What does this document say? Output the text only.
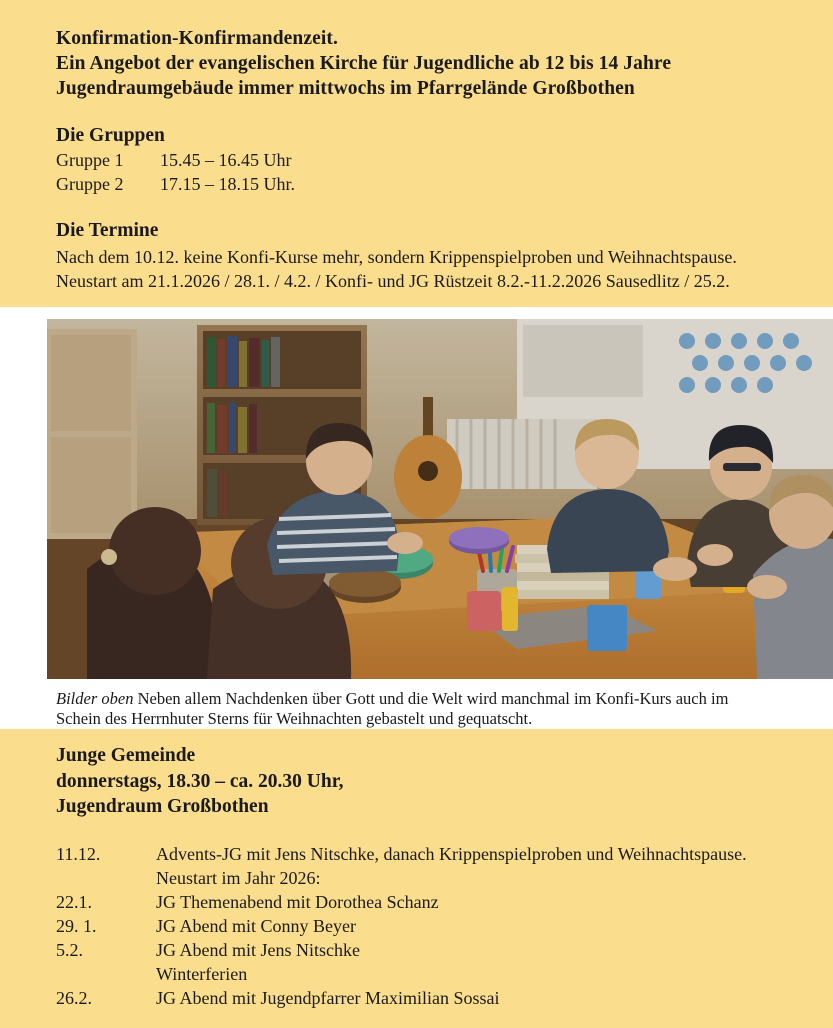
Konfirmation-Konfirmandenzeit.
Ein Angebot der evangelischen Kirche für Jugendliche ab 12 bis 14 Jahre
Jugendraumgebäude immer mittwochs im Pfarrgelände Großbothen
Die Gruppen
Gruppe 1	15.45 – 16.45 Uhr
Gruppe 2	17.15 – 18.15 Uhr.
Die Termine
Nach dem 10.12. keine Konfi-Kurse mehr, sondern Krippenspielproben und Weihnachtspause.
Neustart am 21.1.2026 / 28.1. / 4.2. / Konfi- und JG Rüstzeit 8.2.-11.2.2026 Sausedlitz / 25.2.
Bilder oben Neben allem Nachdenken über Gott und die Welt wird manchmal im Konfi-Kurs auch im Schein des Herrnhuter Sterns für Weihnachten gebastelt und gequatscht.
Junge Gemeinde
donnerstags, 18.30 – ca. 20.30 Uhr,
Jugendraum Großbothen
11.12.	Advents-JG mit Jens Nitschke, danach Krippenspielproben und Weihnachtspause.
	Neustart im Jahr 2026:
22.1.	JG Themenabend mit Dorothea Schanz
29. 1.	JG Abend mit Conny Beyer
5.2.	JG Abend mit Jens Nitschke
	Winterferien
26.2.	JG Abend mit Jugendpfarrer Maximilian Sossai
